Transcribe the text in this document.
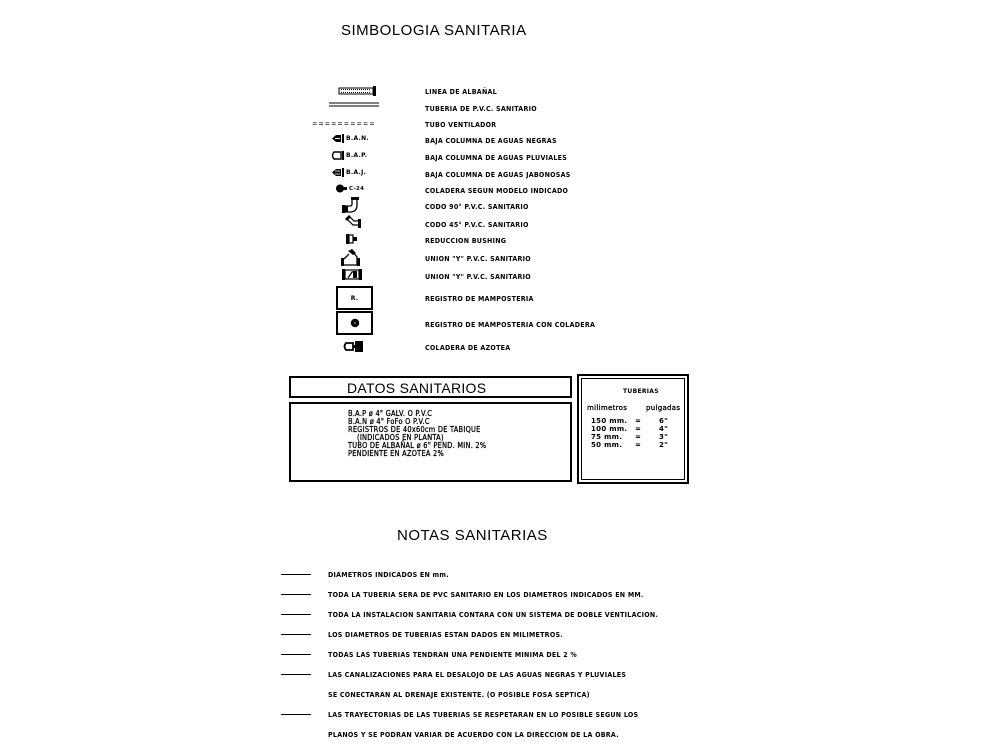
SIMBOLOGIA SANITARIA
LINEA DE ALBAÑAL
TUBERIA DE P.V.C. SANITARIO
==========	TUBO VENTILADOR
B.A.N.	BAJA COLUMNA DE AGUAS NEGRAS
B.A.P.	BAJA COLUMNA DE AGUAS PLUVIALES
B.A.J.	BAJA COLUMNA DE AGUAS JABONOSAS
C-24	COLADERA SEGUN MODELO INDICADO
CODO 90° P.V.C. SANITARIO
CODO 45° P.V.C. SANITARIO
REDUCCION BUSHING
UNION "Y" P.V.C. SANITARIO
UNION "Y" P.V.C. SANITARIO
R.	REGISTRO DE MAMPOSTERIA
REGISTRO DE MAMPOSTERIA CON COLADERA
COLADERA DE AZOTEA
DATOS SANITARIOS
B.A.P ø 4" GALV. O P.V.C
B.A.N ø 4" FoFo O P.V.C
REGISTROS DE 40x60cm DE TABIQUE
(INDICADOS EN PLANTA)
TUBO DE ALBAÑAL ø 6" PEND. MIN. 2%
PENDIENTE EN AZOTEA 2%
TUBERIAS
milimetros	pulgadas
150 mm. =	6"
100 mm. =	4"
75 mm. =	3"
50 mm. =	2"
NOTAS SANITARIAS
DIAMETROS INDICADOS EN mm.
TODA LA TUBERIA SERA DE PVC SANITARIO EN LOS DIAMETROS INDICADOS EN MM.
TODA LA INSTALACION SANITARIA CONTARA CON UN SISTEMA DE DOBLE VENTILACION.
LOS DIAMETROS DE TUBERIAS ESTAN DADOS EN MILIMETROS.
TODAS LAS TUBERIAS TENDRAN UNA PENDIENTE MINIMA DEL 2 %
LAS CANALIZACIONES PARA EL DESALOJO DE LAS AGUAS NEGRAS Y PLUVIALES
SE CONECTARAN AL DRENAJE EXISTENTE. (O POSIBLE FOSA SEPTICA)
LAS TRAYECTORIAS DE LAS TUBERIAS SE RESPETARAN EN LO POSIBLE SEGUN LOS
PLANOS Y SE PODRAN VARIAR DE ACUERDO CON LA DIRECCION DE LA OBRA.
